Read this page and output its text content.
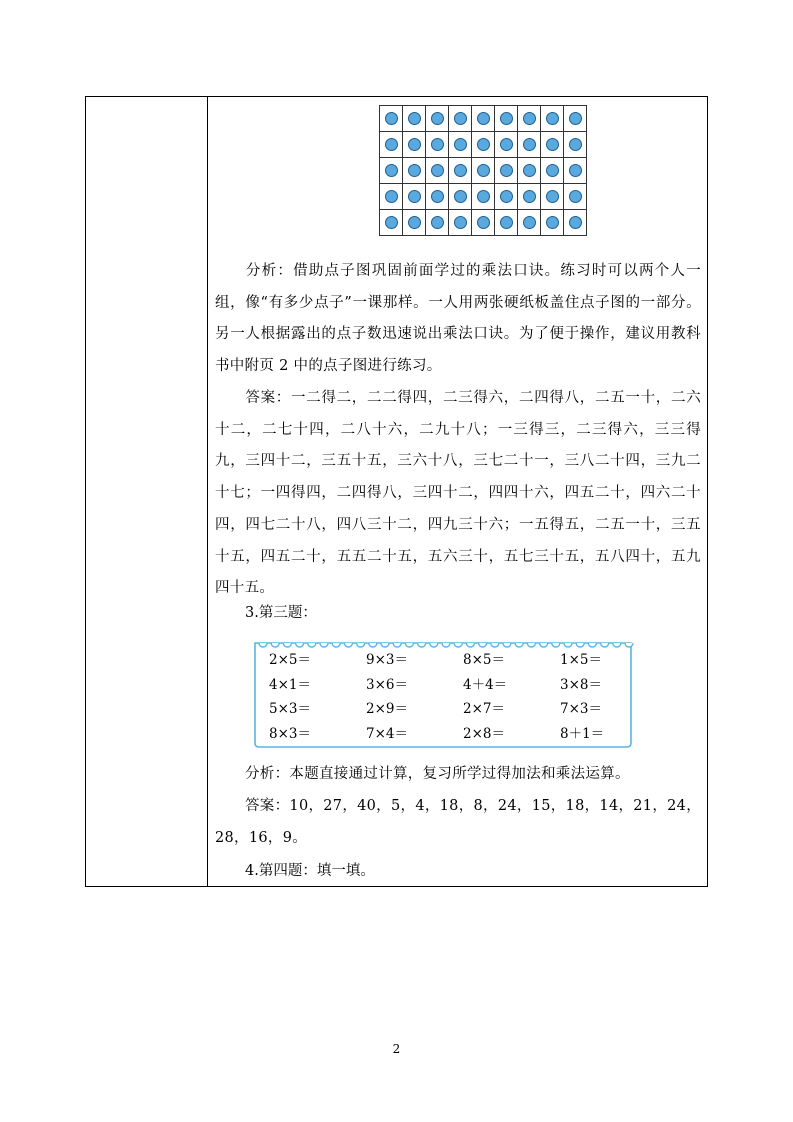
分析：借助点子图巩固前面学过的乘法口诀。练习时可以两个人一组，像“有多少点子”一课那样。一人用两张硬纸板盖住点子图的一部分。另一人根据露出的点子数迅速说出乘法口诀。为了便于操作，建议用教科书中附页 2 中的点子图进行练习。
答案：一二得二，二二得四，二三得六，二四得八，二五一十，二六十二，二七十四，二八十六，二九十八；一三得三，二三得六，三三得九，三四十二，三五十五，三六十八，三七二十一，三八二十四，三九二十七；一四得四，二四得八，三四十二，四四十六，四五二十，四六二十四，四七二十八，四八三十二，四九三十六；一五得五，二五一十，三五十五，四五二十，五五二十五，五六三十，五七三十五，五八四十，五九四十五。
3.第三题：
2×5＝	9×3＝	8×5＝	1×5＝
4×1＝	3×6＝	4＋4＝	3×8＝
5×3＝	2×9＝	2×7＝	7×3＝
8×3＝	7×4＝	2×8＝	8＋1＝
分析：本题直接通过计算，复习所学过得加法和乘法运算。
答案：10，27，40，5，4，18，8，24，15，18，14，21，24，28，16，9。
4.第四题：填一填。
2
